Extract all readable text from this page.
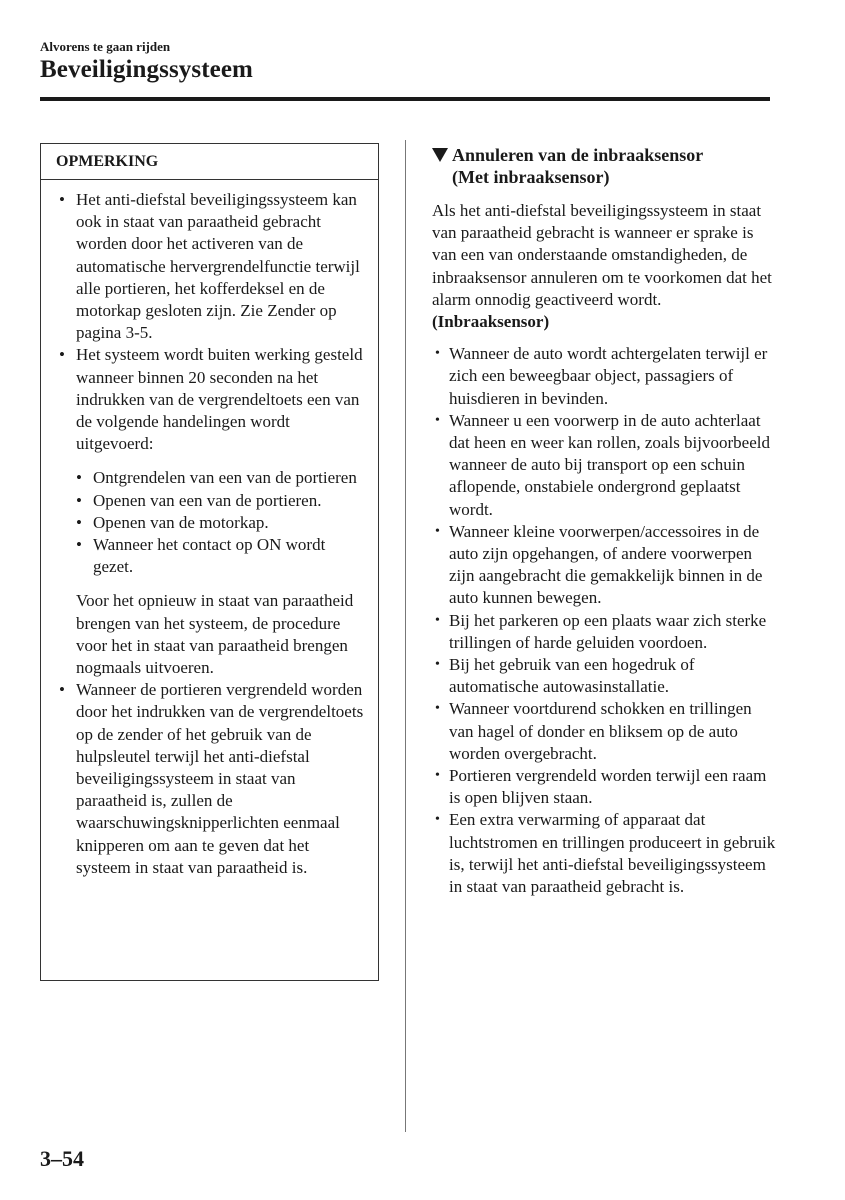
Alvorens te gaan rijden
Beveiligingssysteem
OPMERKING
• Het anti-diefstal beveiligingssysteem kan ook in staat van paraatheid gebracht worden door het activeren van de automatische hervergrendelfunctie terwijl alle portieren, het kofferdeksel en de motorkap gesloten zijn. Zie Zender op pagina 3-5.
• Het systeem wordt buiten werking gesteld wanneer binnen 20 seconden na het indrukken van de vergrendeltoets een van de volgende handelingen wordt uitgevoerd:
• Ontgrendelen van een van de portieren
• Openen van een van de portieren.
• Openen van de motorkap.
• Wanneer het contact op ON wordt gezet.
Voor het opnieuw in staat van paraatheid brengen van het systeem, de procedure voor het in staat van paraatheid brengen nogmaals uitvoeren.
• Wanneer de portieren vergrendeld worden door het indrukken van de vergrendeltoets op de zender of het gebruik van de hulpsleutel terwijl het anti-diefstal beveiligingssysteem in staat van paraatheid is, zullen de waarschuwingsknipperlichten eenmaal knipperen om aan te geven dat het systeem in staat van paraatheid is.
Annuleren van de inbraaksensor
(Met inbraaksensor)
Als het anti-diefstal beveiligingssysteem in staat van paraatheid gebracht is wanneer er sprake is van een van onderstaande omstandigheden, de inbraaksensor annuleren om te voorkomen dat het alarm onnodig geactiveerd wordt.
(Inbraaksensor)
• Wanneer de auto wordt achtergelaten terwijl er zich een beweegbaar object, passagiers of huisdieren in bevinden.
• Wanneer u een voorwerp in de auto achterlaat dat heen en weer kan rollen, zoals bijvoorbeeld wanneer de auto bij transport op een schuin aflopende, onstabiele ondergrond geplaatst wordt.
• Wanneer kleine voorwerpen/accessoires in de auto zijn opgehangen, of andere voorwerpen zijn aangebracht die gemakkelijk binnen in de auto kunnen bewegen.
• Bij het parkeren op een plaats waar zich sterke trillingen of harde geluiden voordoen.
• Bij het gebruik van een hogedruk of automatische autowasinstallatie.
• Wanneer voortdurend schokken en trillingen van hagel of donder en bliksem op de auto worden overgebracht.
• Portieren vergrendeld worden terwijl een raam is open blijven staan.
• Een extra verwarming of apparaat dat luchtstromen en trillingen produceert in gebruik is, terwijl het anti-diefstal beveiligingssysteem in staat van paraatheid gebracht is.
3–54
